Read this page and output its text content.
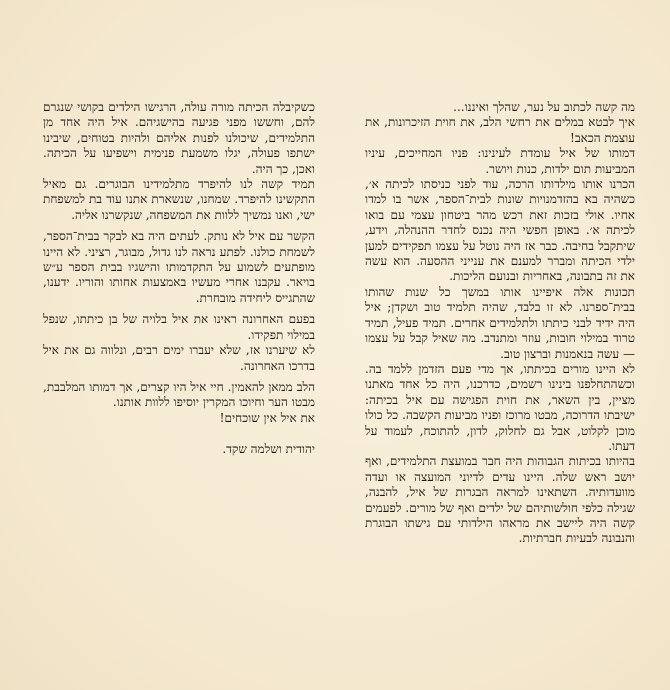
מה קשה לכתוב על נער, שהלך ואיננו...

איך לבטא במלים את רחשי הלב, את חוית הזיכרונות, את עוצמת הכאב!

דמותו של איל עומדת לעינינו: פניו המחייכים, עיניו המביעות תום ילדות, כנות ויושר.

הכרנו אותו מילדותו הרכה, עוד לפני כניסתו לכיתה א׳, כשהיה בא בהזדמנויות שונות לבית־הספר, אשר בו למדו אחיו. אולי בזכות זאת רכש מהר ביטחון עצמי עם בואו לכיתה א׳. באופן חפשי היה נכנס לחדר ההנהלה, וידע, שיתקבל בחיבה. כבר אז היה נוטל על עצמו תפקידים למען ילדי הכיתה ומברר למענם את ענייני ההסעה. הוא עשה את זה בתבונה, באחריות ובנועם הליכות.

תכונות אלה איפיינו אותו במשך כל שנות שהותו בבית־ספרנו. לא זו בלבד, שהיה תלמיד טוב ושקדן; איל היה ידיד לבני כיתתו ולתלמידים אחרים. תמיד פעיל, תמיד טרוד במילוי חובות, עוזר ומתנדב. מה שאיל קבל על עצמו — עשה בנאמנות וברצון טוב.

לא היינו מורים בכיתתו, אך מדי פעם הזדמן ללמד בה. וכשהתחלפנו בינינו רשמים, כדרכנו, היה כל אחד מאתנו מציין, בין השאר, את חוית הפגישה עם איל בכיתה: ישיבתו הדרוכה, מבטו מרוכז ופניו מביעות הקשבה. כל כולו מוכן לקלוט, אבל גם לחלוק, לדון, להתוכח, לעמוד על דעתו.

בהיותו בכיתות הגבוהות היה חבר במועצת התלמידים, ואף יושב ראש שלה. היינו עדים לדיוני המועצה או ועדה מוועדותיה. השתאינו למראה הבגרות של איל, להבנה, שגילה כלפי חולשותיהם של ילדים ואף של מורים. לפעמים קשה היה ליישב את מראהו הילדותי עם גישתו הבוגרת והנבונה לבעיות חברתיות.

כשקיבלה הכיתה מורה עולה, הרגישו הילדים בקושי שנגרם להם, וחששו מפני פגיעה בהישגיהם. איל היה אחד מן התלמידים, שיכולנו לפנות אליהם ולהיות בטוחים, שיבינו ישתפו פעולה, יגלו משמעת פנימית וישפיעו על הכיתה. ואכן, כך היה.

תמיד קשה לנו להיפרד מתלמידינו הבוגרים. גם מאיל התקשינו להיפרד. שמחנו, שנשארת אתנו עוד בת למשפחת ישי, ואנו נמשיך ללוות את המשפחה, שנקשרנו אליה.

הקשר עם איל לא נותק. לעתים היה בא לבקר בבית־הספר, לשמחת כולנו. לפתע נראה לנו גדול, מבוגר, רציני. לא היינו מופתעים לשמוע על התקדמותו והישגיו בבית הספר ע״ש בויאר. עקבנו אחרי מעשיו באמצעות אחותו והוריו. ידענו, שהתגייס ליחידה מובחרת.

בפעם האחרונה ראינו את איל בלויה של בן כיתתו, שנפל במילוי תפקידו.

לא שיערנו אז, שלא יעברו ימים רבים, ונלווה גם את איל בדרכו האחרונה.

הלב ממאן להאמין. חיי איל היו קצרים, אך דמותו המלבבת, מבטו הער וחיוכו המקרין יוסיפו ללוות אותנו.

את איל אין שוכחים!

יהודית ושלמה שקד.
